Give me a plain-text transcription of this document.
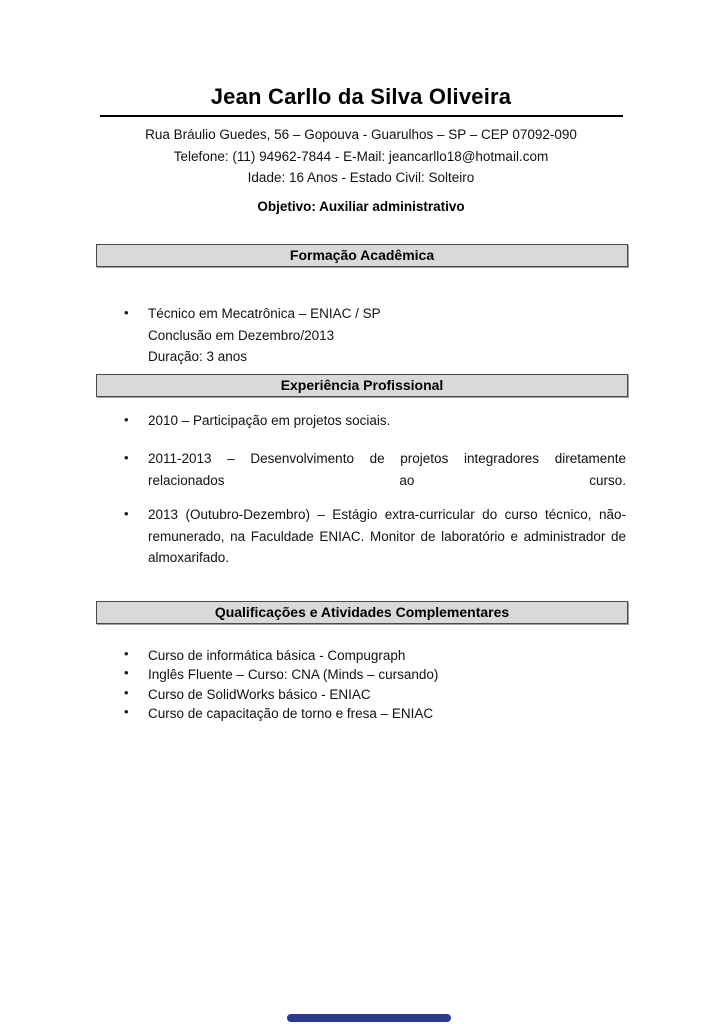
Jean Carllo da Silva Oliveira
Rua Bráulio Guedes, 56 – Gopouva - Guarulhos – SP – CEP 07092-090
Telefone: (11) 94962-7844 - E-Mail: jeancarllo18@hotmail.com
Idade: 16 Anos - Estado Civil: Solteiro
Objetivo: Auxiliar administrativo
Formação Acadêmica
• Técnico em Mecatrônica – ENIAC / SP
Conclusão em Dezembro/2013
Duração: 3 anos
Experiência Profissional
• 2010 – Participação em projetos sociais.
• 2011-2013 – Desenvolvimento de projetos integradores diretamente
relacionados ao curso.
• 2013 (Outubro-Dezembro) – Estágio extra-curricular do curso técnico, não-
remunerado, na Faculdade ENIAC. Monitor de laboratório e administrador de
almoxarifado.
Qualificações e Atividades Complementares
• Curso de informática básica - Compugraph
• Inglês Fluente – Curso: CNA (Minds – cursando)
• Curso de SolidWorks básico - ENIAC
• Curso de capacitação de torno e fresa – ENIAC
